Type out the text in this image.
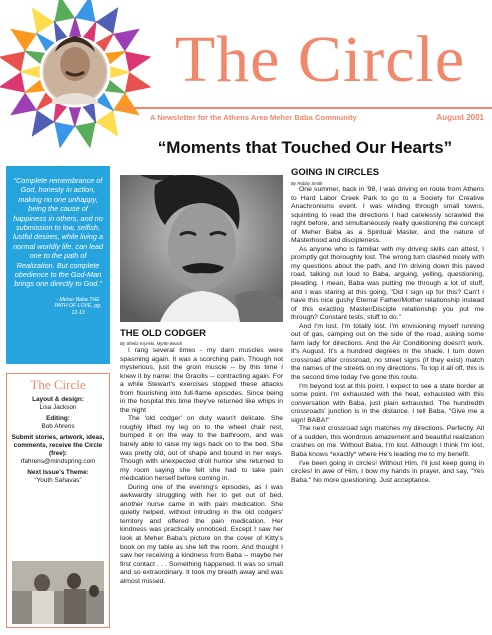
The Circle
A Newsletter for the Athens Area Meher Baba Community	August 2001
“Moments that Touched Our Hearts”
“Complete remembrance of God, honesty in action, making no one unhappy, being the cause of happiness in others, and no submission to low, selfish, lustful desires, while living a normal worldly life, can lead one to the path of Realization. But complete obedience to the God-Man brings one directly to God.”
- Meher Baba THE PATH OF LOVE, pg. 12-13
The Circle
Layout & design:
Lisa Jackson
Editing:
Bob Ahrens
Submit stories, artwork, ideas, comments, receive the Circle (free):
rfahrens@mindspring.com
Next Issue's Theme:
“Youth Sahavas”
THE OLD CODGER
By Sheila Krynski, Myrtle Beach

I rang several times - my darn muscles were spasming again. It was a scorching pain. Though not mysterious, just the groin muscle -- by this time I knew it by name: the Gracilis -- contracting again. For a while Stewart's exercises stopped these attacks from flourishing into full-flame episodes. Since being in the hospital this time they've returned like whips in the night

The 'old codger' on duty wasn't delicate. She roughly lifted my leg on to the wheel chair rest, bumped it on the way to the bathroom, and was barely able to raise my legs back on to the bed. She was pretty old, out of shape and bound in her ways. Though with unexpected droll humor she returned to my room saying she felt she had to take pain medication herself before coming in.

During one of the evening's episodes, as I was awkwardly struggling with her to get out of bed, another nurse came in with pain medication. She quietly helped, without intruding in the old codgers' territory and offered the pain medication. Her kindness was practically unnoticed. Except I saw her look at Meher Baba's picture on the cover of Kitty's book on my table as she left the room. And thought I saw her receiving a kindness from Baba -- maybe her first contact . . . Something happened. It was so small and so extraordinary. It took my breath away and was almost missed.

GOING IN CIRCLES
By Robby Smith

One summer, back in '98, I was driving en route from Athens to Hard Labor Creek Park to go to a Society for Creative Anachronisms event. I was winding through small towns, squinting to read the directions I had carelessly scrawled the night before, and simultaneously really questioning the concept of Meher Baba as a Spiritual Master, and the nature of Masterhood and discipleness.

As anyone who is familiar with my driving skills can attest, I promptly got thoroughly lost. The wrong turn clashed nicely with my questions about the path, and I'm driving down this paved road, talking out loud to Baba, arguing, yelling, questioning, pleading. I mean, Baba was putting me through a lot of stuff, and I was staring at this going, "Did I sign up for this? Can't I have this nice gushy Eternal Father/Mother relationship instead of this exacting Master/Disciple relationship you put me through? Constant tests, stuff to do."

And I'm lost. I'm totally lost. I'm envisioning myself running out of gas, camping out on the side of the road, asking some farm lady for directions. And the Air Conditioning doesn't work. It's August. It's a hundred degrees in the shade. I turn down crossroad after crossroad, no street signs (if they exist) match the names of the streets on my directions. To top it all off, this is the second time today I've gone this route.

I'm beyond lost at this point. I expect to see a state border at some point. I'm exhausted with the heat, exhausted with this conversation with Baba, just plain exhausted. The hundredth crossroads' junction is in the distance. I tell Baba, "Give me a sign! BABA!"

The next crossroad sign matches my directions. Perfectly. All of a sudden, this wondrous amazement and beautiful realization crashes on me. Without Baba, I'm lost. Although I think I'm lost, Baba knows *exactly* where He's leading me to my benefit.

I've been going in circles! Without Him, I'll just keep going in circles! In awe of Him, I bow my hands in prayer, and say, "Yes Baba." No more questioning. Just acceptance.
